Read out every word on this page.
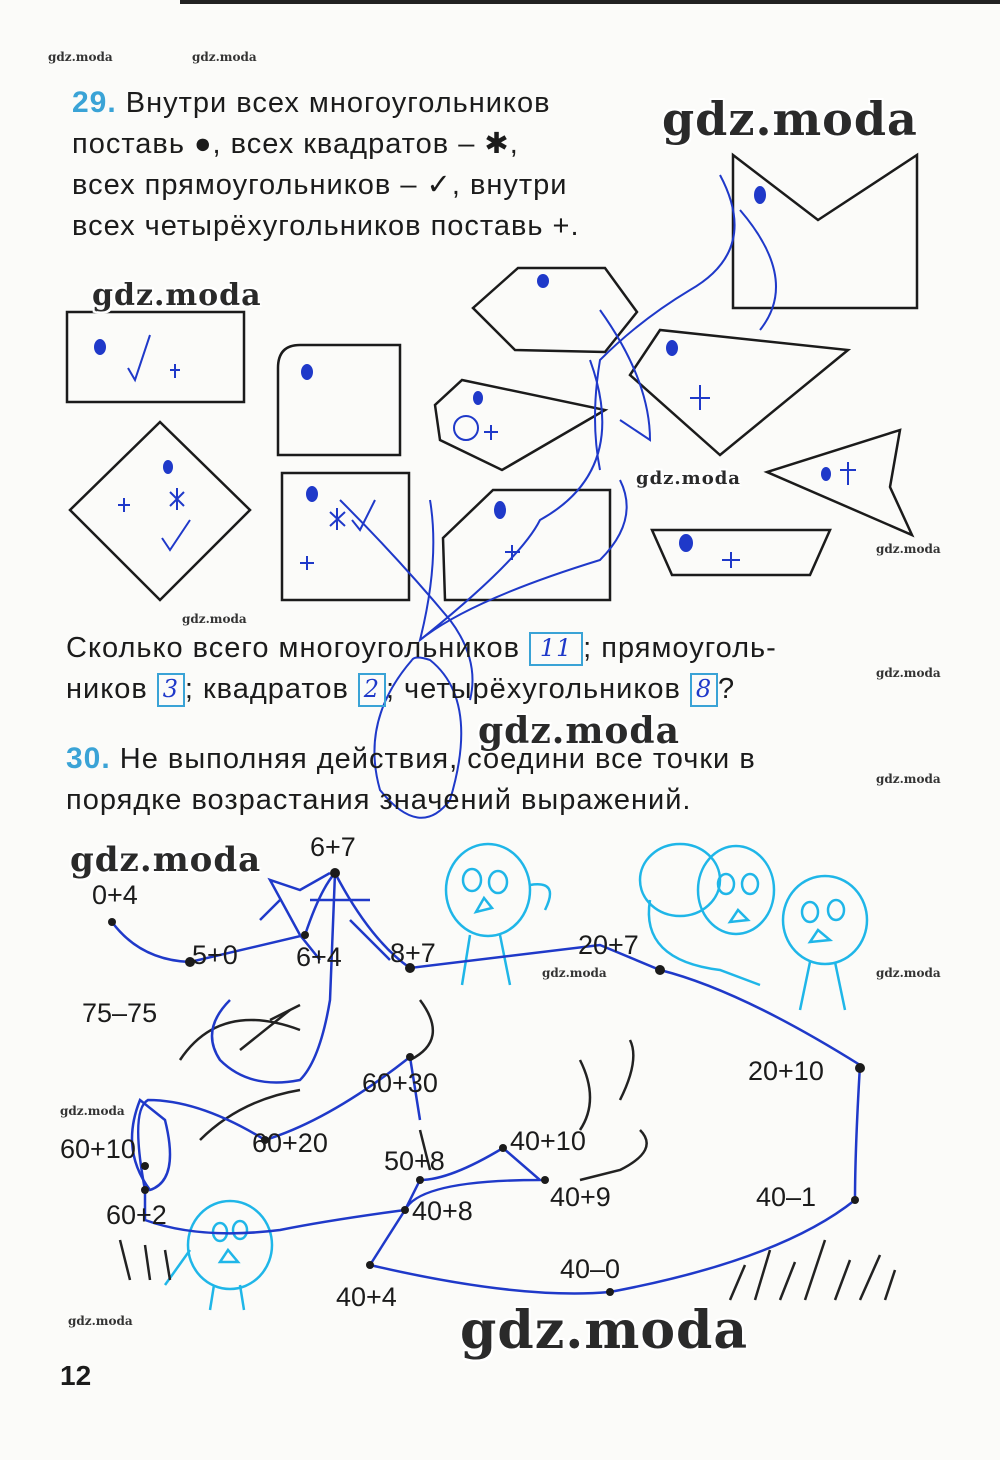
gdz.moda	gdz.moda
gdz.moda
gdz.moda
gdz.moda
gdz.moda
gdz.moda	gdz.moda
gdz.moda
gdz.moda
29. Внутри всех многоугольников
поставь ●, всех квадратов – ✱,
всех прямоугольников – ✓, внутри
всех четырёхугольников поставь +.
gdz.moda
gdz.moda
gdz.moda
gdz.moda
gdz.moda
gdz.moda
Сколько всего многоугольников 11 ; прямоуголь-
ников 3 ; квадратов 2 ; четырёхугольников 8 ?
30. Не выполняя действия, соедини все точки в
порядке возрастания значений выражений.
0+4
6+7
5+0 6+4 8+7	20+7
75–75
60+30	20+10
60+10	60+20
50+8
40+10
40+9	40–1
60+2	40+8
40–0
40+4
12
